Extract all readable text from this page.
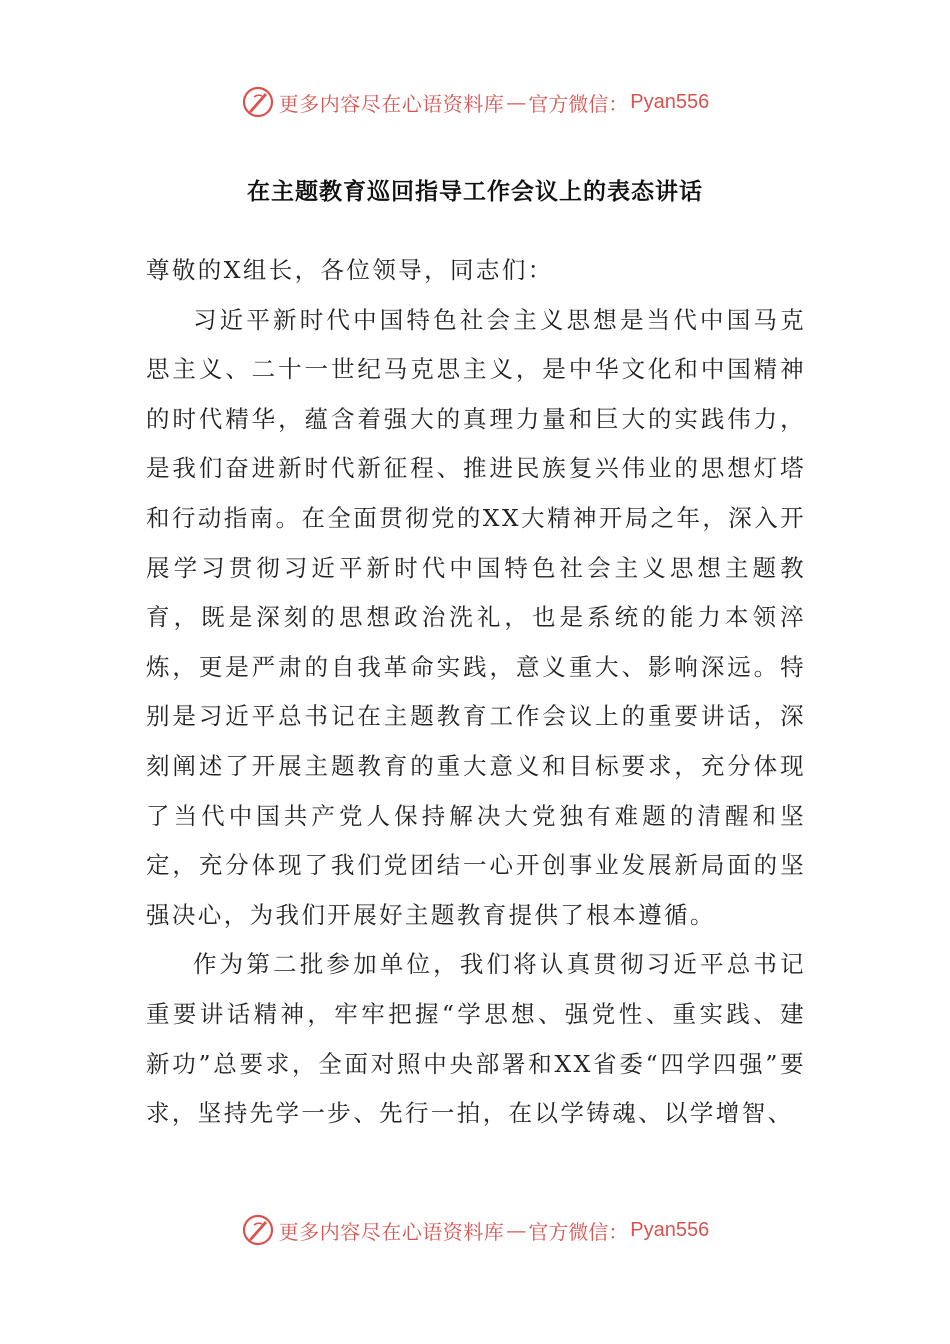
更多内容尽在心语资料库 — 官方微信： Pyan556
在主题教育巡回指导工作会议上的表态讲话

尊敬的X组长，各位领导，同志们：

习近平新时代中国特色社会主义思想是当代中国马克思主义、二十一世纪马克思主义，是中华文化和中国精神的时代精华，蕴含着强大的真理力量和巨大的实践伟力，是我们奋进新时代新征程、推进民族复兴伟业的思想灯塔和行动指南。在全面贯彻党的XX大精神开局之年，深入开展学习贯彻习近平新时代中国特色社会主义思想主题教育，既是深刻的思想政治洗礼，也是系统的能力本领淬炼，更是严肃的自我革命实践，意义重大、影响深远。特别是习近平总书记在主题教育工作会议上的重要讲话，深刻阐述了开展主题教育的重大意义和目标要求，充分体现了当代中国共产党人保持解决大党独有难题的清醒和坚定，充分体现了我们党团结一心开创事业发展新局面的坚强决心，为我们开展好主题教育提供了根本遵循。

作为第二批参加单位，我们将认真贯彻习近平总书记重要讲话精神，牢牢把握“学思想、强党性、重实践、建新功”总要求，全面对照中央部署和XX省委“四学四强”要求，坚持先学一步、先行一拍，在以学铸魂、以学增智、

更多内容尽在心语资料库 — 官方微信： Pyan556
